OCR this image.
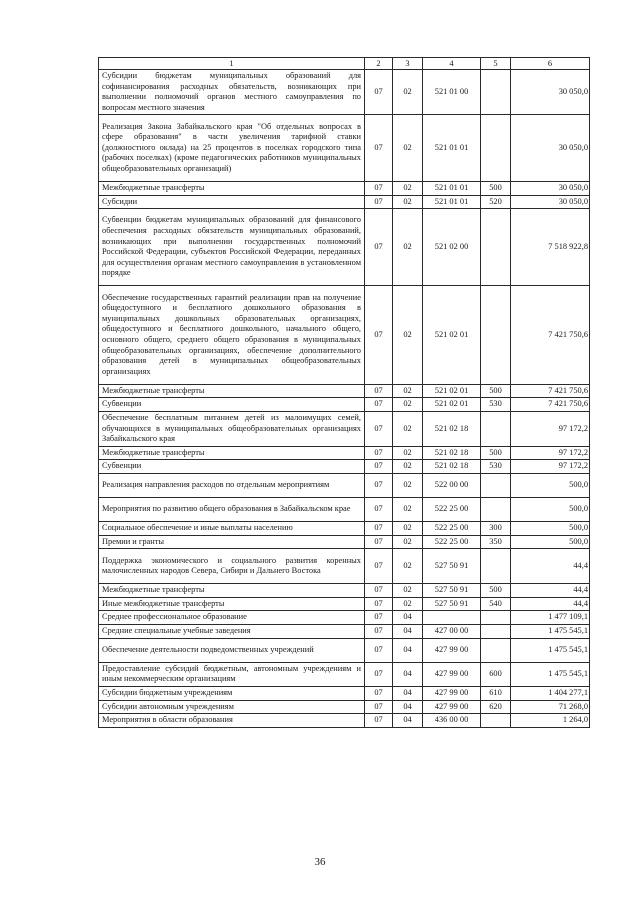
1	2	3	4	5	6
Субсидии бюджетам муниципальных образований для софинансирования расходных обязательств, возникающих при выполнении полномочий органов местного самоуправления по вопросам местного значения	07	02	521 01 00		30 050,0
Реализация Закона Забайкальского края "Об отдельных вопросах в сфере образования" в части увеличения тарифной ставки (должностного оклада) на 25 процентов в поселках городского типа (рабочих поселках) (кроме педагогических работников муниципальных общеобразовательных организаций)	07	02	521 01 01		30 050,0
Межбюджетные трансферты	07	02	521 01 01	500	30 050,0
Субсидии	07	02	521 01 01	520	30 050,0
Субвенции бюджетам муниципальных образований для финансового обеспечения расходных обязательств муниципальных образований, возникающих при выполнении государственных полномочий Российской Федерации, субъектов Российской Федерации, переданных для осуществления органам местного самоуправления в установленном порядке	07	02	521 02 00		7 518 922,8
Обеспечение государственных гарантий реализации прав на получение общедоступного и бесплатного дошкольного образования в муниципальных дошкольных образовательных организациях, общедоступного и бесплатного дошкольного, начального общего, основного общего, среднего общего образования в муниципальных общеобразовательных организациях, обеспечение дополнительного образования детей в муниципальных общеобразовательных организациях	07	02	521 02 01		7 421 750,6
Межбюджетные трансферты	07	02	521 02 01	500	7 421 750,6
Субвенции	07	02	521 02 01	530	7 421 750,6
Обеспечение бесплатным питанием детей из малоимущих семей, обучающихся в муниципальных общеобразовательных организациях Забайкальского края	07	02	521 02 18		97 172,2
Межбюджетные трансферты	07	02	521 02 18	500	97 172,2
Субвенции	07	02	521 02 18	530	97 172,2
Реализация направления расходов по отдельным мероприятиям	07	02	522 00 00		500,0
Мероприятия по развитию общего образования в Забайкальском крае	07	02	522 25 00		500,0
Социальное обеспечение и иные выплаты населению	07	02	522 25 00	300	500,0
Премии и гранты	07	02	522 25 00	350	500,0
Поддержка экономического и социального развития коренных малочисленных народов Севера, Сибири и Дальнего Востока	07	02	527 50 91		44,4
Межбюджетные трансферты	07	02	527 50 91	500	44,4
Иные межбюджетные трансферты	07	02	527 50 91	540	44,4
Среднее профессиональное образование	07	04			1 477 109,1
Средние специальные учебные заведения	07	04	427 00 00		1 475 545,1
Обеспечение деятельности подведомственных учреждений	07	04	427 99 00		1 475 545,1
Предоставление субсидий бюджетным, автономным учреждениям и иным некоммерческим организациям	07	04	427 99 00	600	1 475 545,1
Субсидии бюджетным учреждениям	07	04	427 99 00	610	1 404 277,1
Субсидии автономным учреждениям	07	04	427 99 00	620	71 268,0
Мероприятия в области образования	07	04	436 00 00		1 264,0
36
